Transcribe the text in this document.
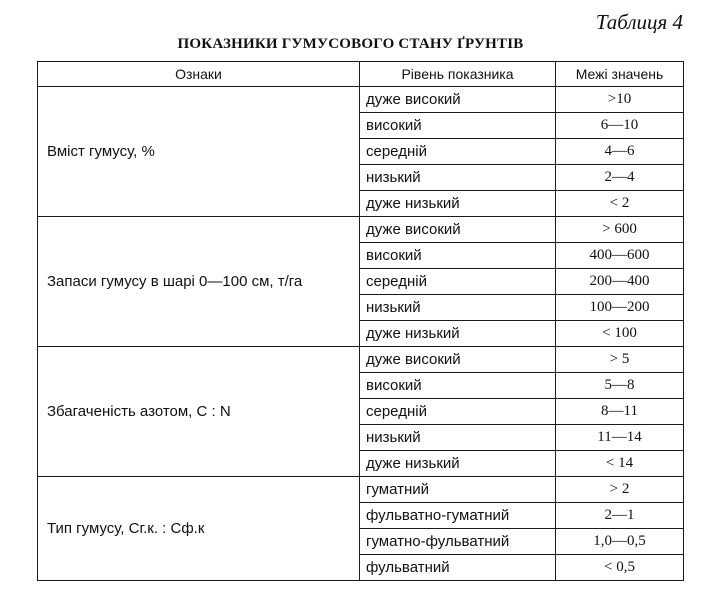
Таблиця 4
ПОКАЗНИКИ ГУМУСОВОГО СТАНУ ҐРУНТІВ
Ознаки	Рівень показника	Межі значень
Вміст гумусу, %	дуже високий	>10
	високий	6—10
	середній	4—6
	низький	2—4
	дуже низький	< 2
Запаси гумусу в шарі 0—100 см, т/га	дуже високий	> 600
	високий	400—600
	середній	200—400
	низький	100—200
	дуже низький	< 100
Збагаченість азотом, C : N	дуже високий	> 5
	високий	5—8
	середній	8—11
	низький	11—14
	дуже низький	< 14
Тип гумусу, Сг.к. : Сф.к	гуматний	> 2
	фульватно-гуматний	2—1
	гуматно-фульватний	1,0—0,5
	фульватний	< 0,5
